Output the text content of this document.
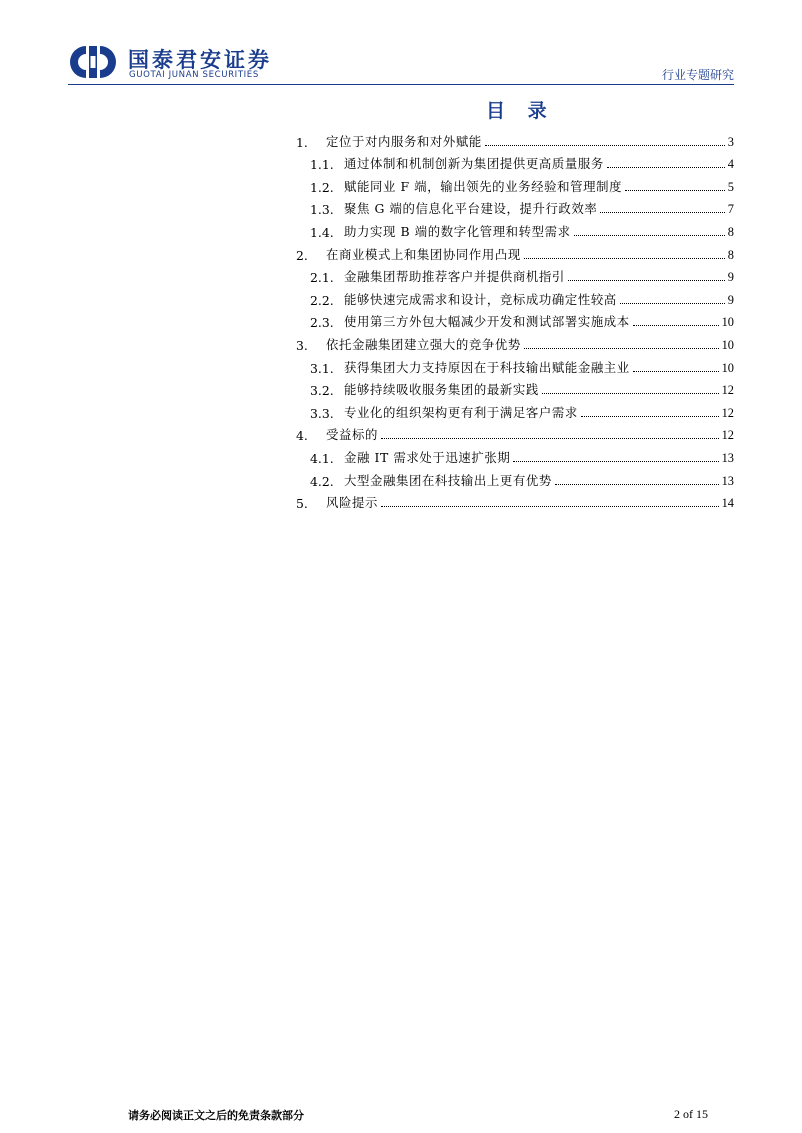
国泰君安证券
GUOTAI JUNAN SECURITIES	行业专题研究
目 录
1.	定位于对内服务和对外赋能	3
1.1. 通过体制和机制创新为集团提供更高质量服务	4
1.2. 赋能同业 F 端，输出领先的业务经验和管理制度	5
1.3. 聚焦 G 端的信息化平台建设，提升行政效率	7
1.4. 助力实现 B 端的数字化管理和转型需求	8
2.	在商业模式上和集团协同作用凸现	8
2.1. 金融集团帮助推荐客户并提供商机指引	9
2.2. 能够快速完成需求和设计，竞标成功确定性较高	9
2.3. 使用第三方外包大幅减少开发和测试部署实施成本	10
3.	依托金融集团建立强大的竞争优势	10
3.1. 获得集团大力支持原因在于科技输出赋能金融主业	10
3.2. 能够持续吸收服务集团的最新实践	12
3.3. 专业化的组织架构更有利于满足客户需求	12
4.	受益标的	12
4.1. 金融 IT 需求处于迅速扩张期	13
4.2. 大型金融集团在科技输出上更有优势	13
5.	风险提示	14
请务必阅读正文之后的免责条款部分	2 of 15
